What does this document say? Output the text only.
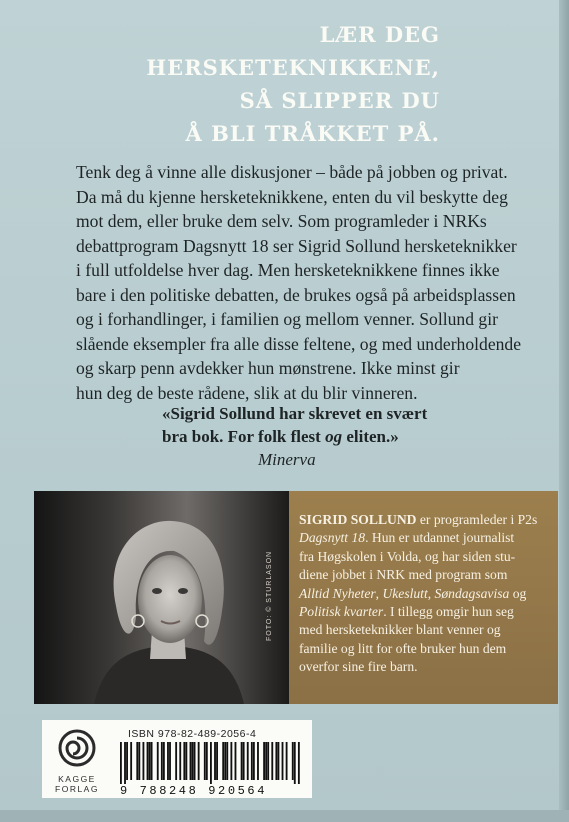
LÆR DEG
HERSKETEKNIKKENE,
SÅ SLIPPER DU
Å BLI TRÅKKET PÅ.
Tenk deg å vinne alle diskusjoner – både på jobben og privat.
Da må du kjenne hersketeknikkene, enten du vil beskytte deg
mot dem, eller bruke dem selv. Som programleder i NRKs
debattprogram Dagsnytt 18 ser Sigrid Sollund hersketeknikker
i full utfoldelse hver dag. Men hersketeknikkene finnes ikke
bare i den politiske debatten, de brukes også på arbeidsplassen
og i forhandlinger, i familien og mellom venner. Sollund gir
slående eksempler fra alle disse feltene, og med underholdende
og skarp penn avdekker hun mønstrene. Ikke minst gir
hun deg de beste rådene, slik at du blir vinneren.
«Sigrid Sollund har skrevet en svært
bra bok. For folk flest og eliten.»
Minerva
FOTO: © STURLASON
SIGRID SOLLUND er programleder i P2s
Dagsnytt 18. Hun er utdannet journalist
fra Høgskolen i Volda, og har siden stu-
diene jobbet i NRK med program som
Alltid Nyheter, Ukeslutt, Søndagsavisa og
Politisk kvarter. I tillegg omgir hun seg
med hersketeknikker blant venner og
familie og litt for ofte bruker hun dem
overfor sine fire barn.
KAGGE
FORLAG
ISBN 978-82-489-2056-4
9 788248 920564
